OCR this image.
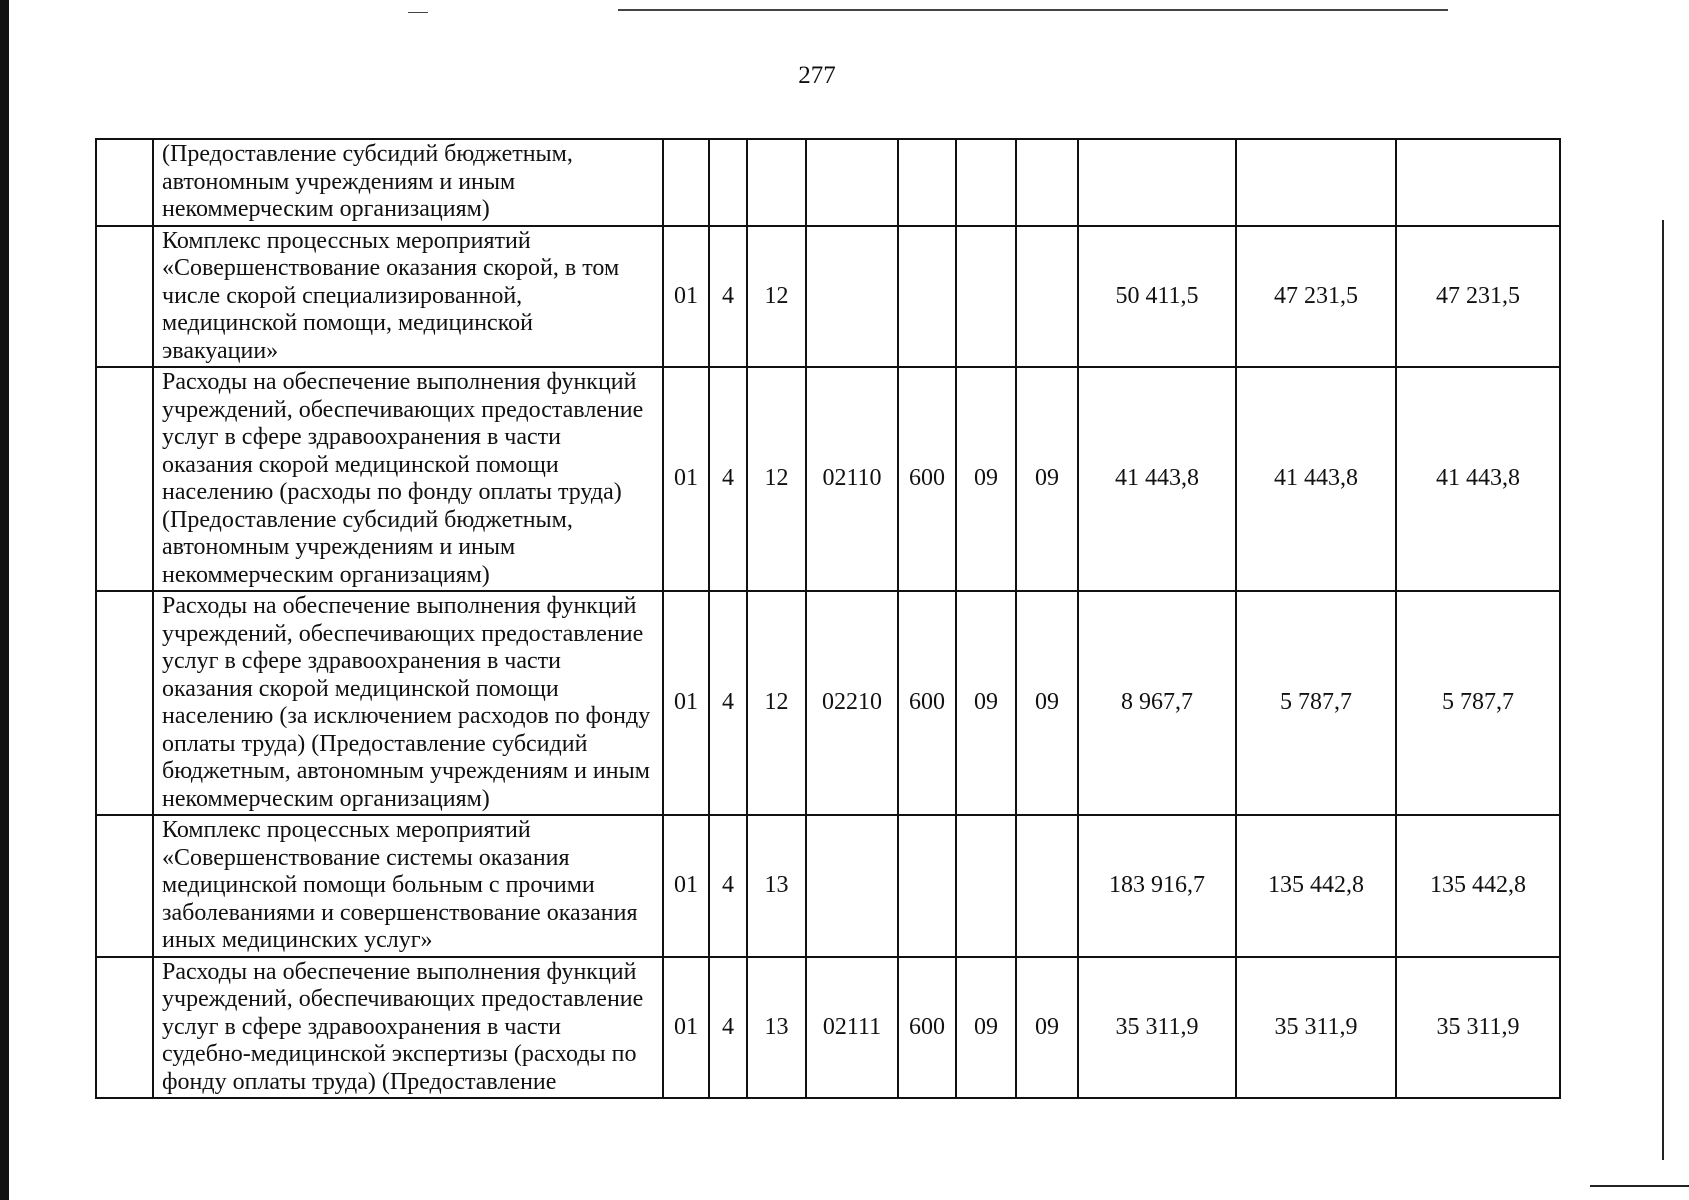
277
	(Предоставление субсидий бюджетным, автономным учреждениям и иным некоммерческим организациям)										
	Комплекс процессных мероприятий «Совершенствование оказания скорой, в том числе скорой специализированной, медицинской помощи, медицинской эвакуации»	01	4	12					50 411,5	47 231,5	47 231,5
	Расходы на обеспечение выполнения функций учреждений, обеспечивающих предоставление услуг в сфере здравоохранения в части оказания скорой медицинской помощи населению (расходы по фонду оплаты труда) (Предоставление субсидий бюджетным, автономным учреждениям и иным некоммерческим организациям)	01	4	12	02110	600	09	09	41 443,8	41 443,8	41 443,8
	Расходы на обеспечение выполнения функций учреждений, обеспечивающих предоставление услуг в сфере здравоохранения в части оказания скорой медицинской помощи населению (за исключением расходов по фонду оплаты труда) (Предоставление субсидий бюджетным, автономным учреждениям и иным некоммерческим организациям)	01	4	12	02210	600	09	09	8 967,7	5 787,7	5 787,7
	Комплекс процессных мероприятий «Совершенствование системы оказания медицинской помощи больным с прочими заболеваниями и совершенствование оказания иных медицинских услуг»	01	4	13					183 916,7	135 442,8	135 442,8
	Расходы на обеспечение выполнения функций учреждений, обеспечивающих предоставление услуг в сфере здравоохранения в части судебно-медицинской экспертизы (расходы по фонду оплаты труда) (Предоставление	01	4	13	02111	600	09	09	35 311,9	35 311,9	35 311,9
